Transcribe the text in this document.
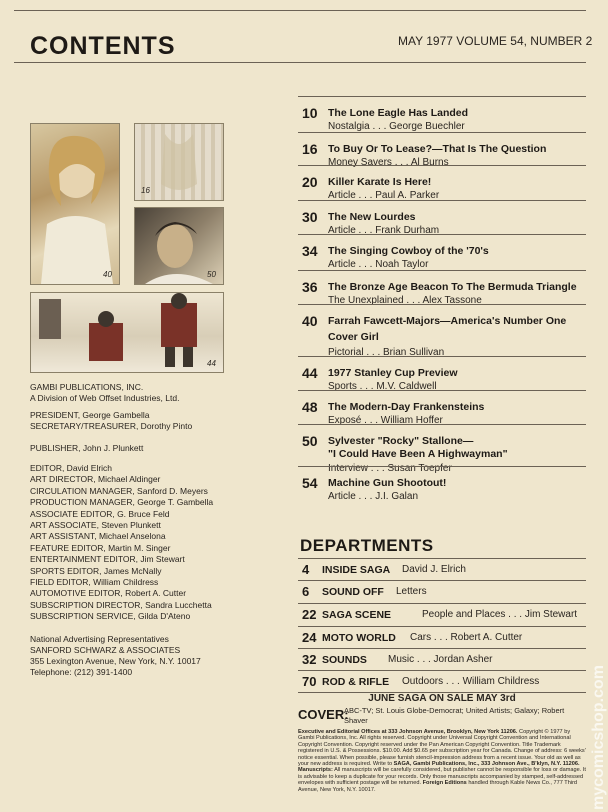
CONTENTS	MAY 1977 VOLUME 54, NUMBER 2
40
16
50
44
GAMBI PUBLICATIONS, INC.
A Division of Web Offset Industries, Ltd.
PRESIDENT, George Gambella
SECRETARY/TREASURER, Dorothy Pinto
PUBLISHER, John J. Plunkett
EDITOR, David Elrich
ART DIRECTOR, Michael Aldinger
CIRCULATION MANAGER, Sanford D. Meyers
PRODUCTION MANAGER, George T. Gambella
ASSOCIATE EDITOR, G. Bruce Feld
ART ASSOCIATE, Steven Plunkett
ART ASSISTANT, Michael Anselona
FEATURE EDITOR, Martin M. Singer
ENTERTAINMENT EDITOR, Jim Stewart
SPORTS EDITOR, James McNally
FIELD EDITOR, William Childress
AUTOMOTIVE EDITOR, Robert A. Cutter
SUBSCRIPTION DIRECTOR, Sandra Lucchetta
SUBSCRIPTION SERVICE, Gilda D'Ateno
National Advertising Representatives
SANFORD SCHWARZ & ASSOCIATES
355 Lexington Avenue, New York, N.Y. 10017
Telephone: (212) 391-1400
10 The Lone Eagle Has Landed
Nostalgia . . . George Buechler
16 To Buy Or To Lease?—That Is The Question
Money Savers . . . Al Burns
20 Killer Karate Is Here!
Article . . . Paul A. Parker
30 The New Lourdes
Article . . . Frank Durham
34 The Singing Cowboy of the '70's
Article . . . Noah Taylor
36 The Bronze Age Beacon To The Bermuda Triangle
The Unexplained . . . Alex Tassone
40 Farrah Fawcett-Majors—America's Number One
Cover Girl
Pictorial . . . Brian Sullivan
44 1977 Stanley Cup Preview
Sports . . . M.V. Caldwell
48 The Modern-Day Frankensteins
Exposé . . . William Hoffer
50 Sylvester "Rocky" Stallone—
"I Could Have Been A Highwayman"
Interview . . . Susan Toepfer
54 Machine Gun Shootout!
Article . . . J.I. Galan
DEPARTMENTS
4 INSIDE SAGA David J. Elrich
6 SOUND OFF Letters
22 SAGA SCENE	People and Places . . . Jim Stewart
24 MOTO WORLD Cars . . . Robert A. Cutter
32 SOUNDS Music . . . Jordan Asher
70 ROD & RIFLE Outdoors . . . William Childress
JUNE SAGA ON SALE MAY 3rd
COVER:
ABC-TV; St. Louis Globe-Democrat; United Artists; Galaxy; Robert Shaver
Executive and Editorial Offices at 333 Johnson Avenue, Brooklyn, New York 11206. Copyright © 1977 by Gambi Publications, Inc. All rights reserved. Copyright under Universal Copyright Convention and International Copyright Convention. Copyright reserved under the Pan American Copyright Convention. Title Trademark registered in U.S. & Possessions. $10.00. Add $0.65 per subscription year for Canada. Change of address: 6 weeks' notice essential. When possible, please furnish stencil-impression address from a recent issue. Your old as well as your new address is required. Write to SAGA, Gambi Publications, Inc., 333 Johnson Ave., B'klyn, N.Y. 11206. Manuscripts: All manuscripts will be carefully considered, but publisher cannot be responsible for loss or damage. It is advisable to keep a duplicate for your records. Only those manuscripts accompanied by stamped, self-addressed envelopes with sufficient postage will be returned. Foreign Editions handled through Kable News Co., 777 Third Avenue, New York, N.Y. 10017.	mycomicshop.com
